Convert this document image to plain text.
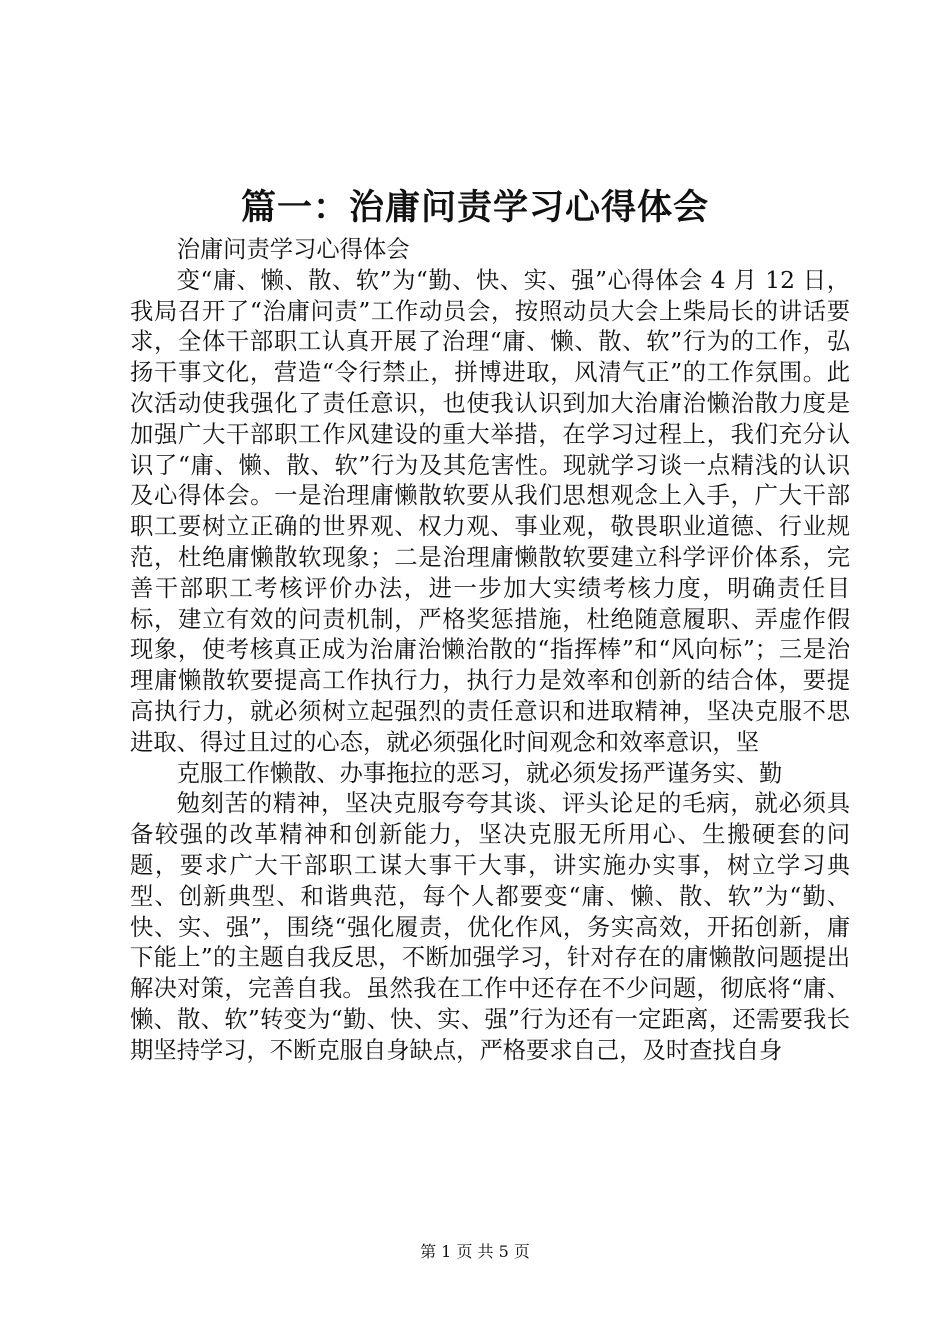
篇一：治庸问责学习心得体会

治庸问责学习心得体会

变“庸、懒、散、软”为“勤、快、实、强”心得体会 4 月 12 日，我局召开了“治庸问责”工作动员会，按照动员大会上柴局长的讲话要求，全体干部职工认真开展了治理“庸、懒、散、软”行为的工作，弘扬干事文化，营造“令行禁止，拼博进取，风清气正”的工作氛围。此次活动使我强化了责任意识，也使我认识到加大治庸治懒治散力度是加强广大干部职工作风建设的重大举措，在学习过程上，我们充分认识了“庸、懒、散、软”行为及其危害性。现就学习谈一点精浅的认识及心得体会。一是治理庸懒散软要从我们思想观念上入手，广大干部职工要树立正确的世界观、权力观、事业观，敬畏职业道德、行业规范，杜绝庸懒散软现象；二是治理庸懒散软要建立科学评价体系，完善干部职工考核评价办法，进一步加大实绩考核力度，明确责任目标，建立有效的问责机制，严格奖惩措施，杜绝随意履职、弄虚作假现象，使考核真正成为治庸治懒治散的“指挥棒”和“风向标”；三是治理庸懒散软要提高工作执行力，执行力是效率和创新的结合体，要提高执行力，就必须树立起强烈的责任意识和进取精神，坚决克服不思进取、得过且过的心态，就必须强化时间观念和效率意识，坚

克服工作懒散、办事拖拉的恶习，就必须发扬严谨务实、勤

勉刻苦的精神，坚决克服夸夸其谈、评头论足的毛病，就必须具备较强的改革精神和创新能力，坚决克服无所用心、生搬硬套的问题，要求广大干部职工谋大事干大事，讲实施办实事，树立学习典型、创新典型、和谐典范，每个人都要变“庸、懒、散、软”为“勤、快、实、强”，围绕“强化履责，优化作风，务实高效，开拓创新，庸下能上”的主题自我反思，不断加强学习，针对存在的庸懒散问题提出解决对策，完善自我。虽然我在工作中还存在不少问题，彻底将“庸、懒、散、软”转变为“勤、快、实、强”行为还有一定距离，还需要我长期坚持学习，不断克服自身缺点，严格要求自己，及时查找自身

第 1 页 共 5 页
